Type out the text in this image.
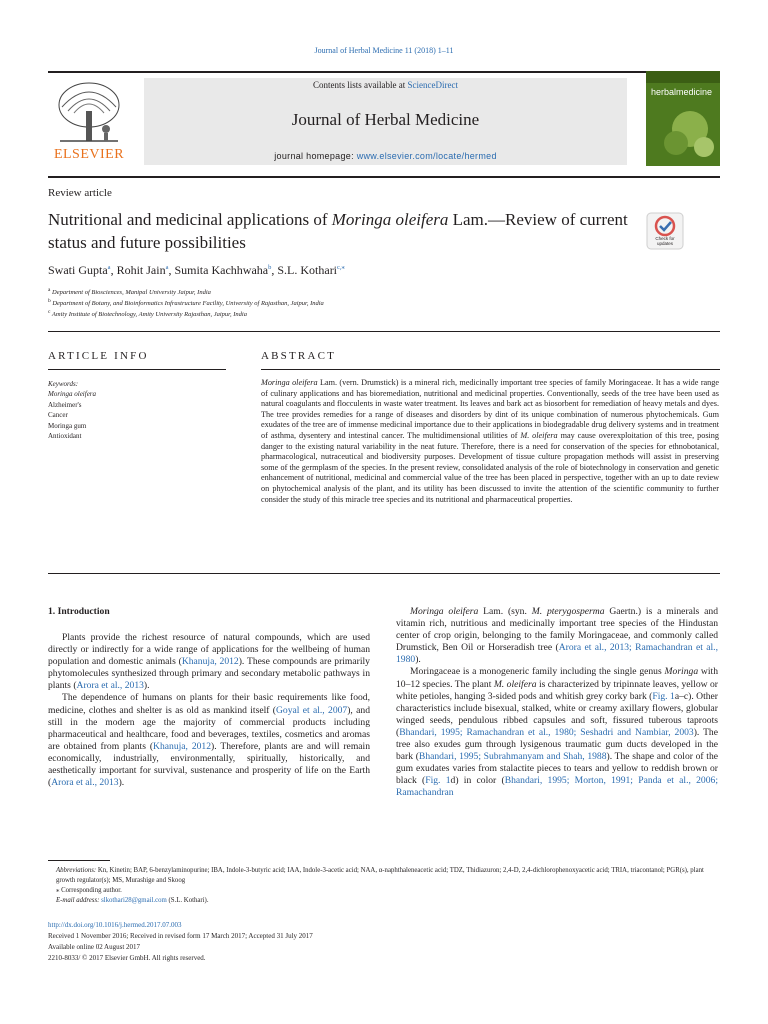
Journal of Herbal Medicine 11 (2018) 1–11
ELSEVIER
Contents lists available at ScienceDirect
Journal of Herbal Medicine
journal homepage: www.elsevier.com/locate/hermed
herbalmedicine
Review article
Nutritional and medicinal applications of Moringa oleifera Lam.—Review of current status and future possibilities	Check for updates
Swati Gupta$^a$, Rohit Jain$^a$, Sumita Kachhwaha$^b$, S.L. Kothari$^{c,⁎}$
$^a$ Department of Biosciences, Manipal University Jaipur, India
$^b$ Department of Botany, and Bioinformatics Infrastructure Facility, University of Rajasthan, Jaipur, India
$^c$ Amity Institute of Biotechnology, Amity University Rajasthan, Jaipur, India
ARTICLE INFO	ABSTRACT
Keywords:
Moringa oleifera
Alzheimer's
Cancer
Moringa gum
Antioxidant
Moringa oleifera Lam. (vern. Drumstick) is a mineral rich, medicinally important tree species of family Moringaceae. It has a wide range of culinary applications and has bioremediation, nutritional and medicinal properties. Conventionally, seeds of the tree have been used as natural coagulants and flocculents in waste water treatment. Its leaves and bark act as biosorbent for remediation of heavy metals and dyes. The tree provides remedies for a range of diseases and disorders by dint of its unique combination of numerous phytochemicals. Gum exudates of the tree are of immense medicinal importance due to their applications in biodegradable drug delivery systems and in treatment of asthma, dysentery and intestinal cancer. The multidimensional utilities of M. oleifera may cause overexploitation of this tree, posing danger to the existing natural variability in the neat future. Therefore, there is a need for conservation of the species for ethnobotanical, pharmacological, nutraceutical and biodiversity purposes. Development of tissue culture propagation methods will assist in preserving some of the germplasm of the species. In the present review, consolidated analysis of the role of biotechnology in conservation and genetic enhancement of nutritional, medicinal and commercial value of the tree has been placed in perspective, together with an up to date review on phytochemical analysis of the plant, and its utility has been discussed to invite the attention of the scientific community to further consider the study of this miracle tree species and its nutritional and pharmaceutical properties.
1. Introduction

Plants provide the richest resource of natural compounds, which are used directly or indirectly for a wide range of applications for the wellbeing of human population and domestic animals (Khanuja, 2012). These compounds are primarily phytomolecules synthesized through primary and secondary metabolic pathways in plants (Arora et al., 2013).

The dependence of humans on plants for their basic requirements like food, medicine, clothes and shelter is as old as mankind itself (Goyal et al., 2007), and still in the modern age the majority of commercial products including pharmaceutical and healthcare, food and beverages, textiles, cosmetics and aromas are obtained from plants (Khanuja, 2012). Therefore, plants are and will remain economically, industrially, environmentally, spiritually, historically, and aesthetically important for survival, sustenance and prosperity of life on the Earth (Arora et al., 2013).

Moringa oleifera Lam. (syn. M. pterygosperma Gaertn.) is a minerals and vitamin rich, nutritious and medicinally important tree species of the Hindustan center of crop origin, belonging to the family Moringaceae, and commonly called Drumstick, Ben Oil or Horseradish tree (Arora et al., 2013; Ramachandran et al., 1980).

Moringaceae is a monogeneric family including the single genus Moringa with 10–12 species. The plant M. oleifera is characterized by tripinnate leaves, yellow or white petioles, hanging 3-sided pods and whitish grey corky bark (Fig. 1a–c). Other characteristics include bisexual, stalked, white or creamy axillary flowers, globular winged seeds, pendulous ribbed capsules and soft, fissured tuberous taproots (Bhandari, 1995; Ramachandran et al., 1980; Seshadri and Nambiar, 2003). The tree also exudes gum through lysigenous traumatic gum ducts developed in the bark (Bhandari, 1995; Subrahmanyam and Shah, 1988). The shape and color of the gum exudates varies from stalactite pieces to tears and yellow to reddish brown or black (Fig. 1d) in color (Bhandari, 1995; Morton, 1991; Panda et al., 2006; Ramachandran

Abbreviations: Kn, Kinetin; BAP, 6-benzylaminopurine; IBA, Indole-3-butyric acid; IAA, Indole-3-acetic acid; NAA, α-naphthaleneacetic acid; TDZ, Thidiazuron; 2,4-D, 2,4-dichlorophenoxyacetic acid; TRIA, triacontanol; PGR(s), plant growth regulator(s); MS, Murashige and Skoog
⁎ Corresponding author.
E-mail address: slkothari28@gmail.com (S.L. Kothari).
http://dx.doi.org/10.1016/j.hermed.2017.07.003
Received 1 November 2016; Received in revised form 17 March 2017; Accepted 31 July 2017
Available online 02 August 2017
2210-8033/ © 2017 Elsevier GmbH. All rights reserved.
